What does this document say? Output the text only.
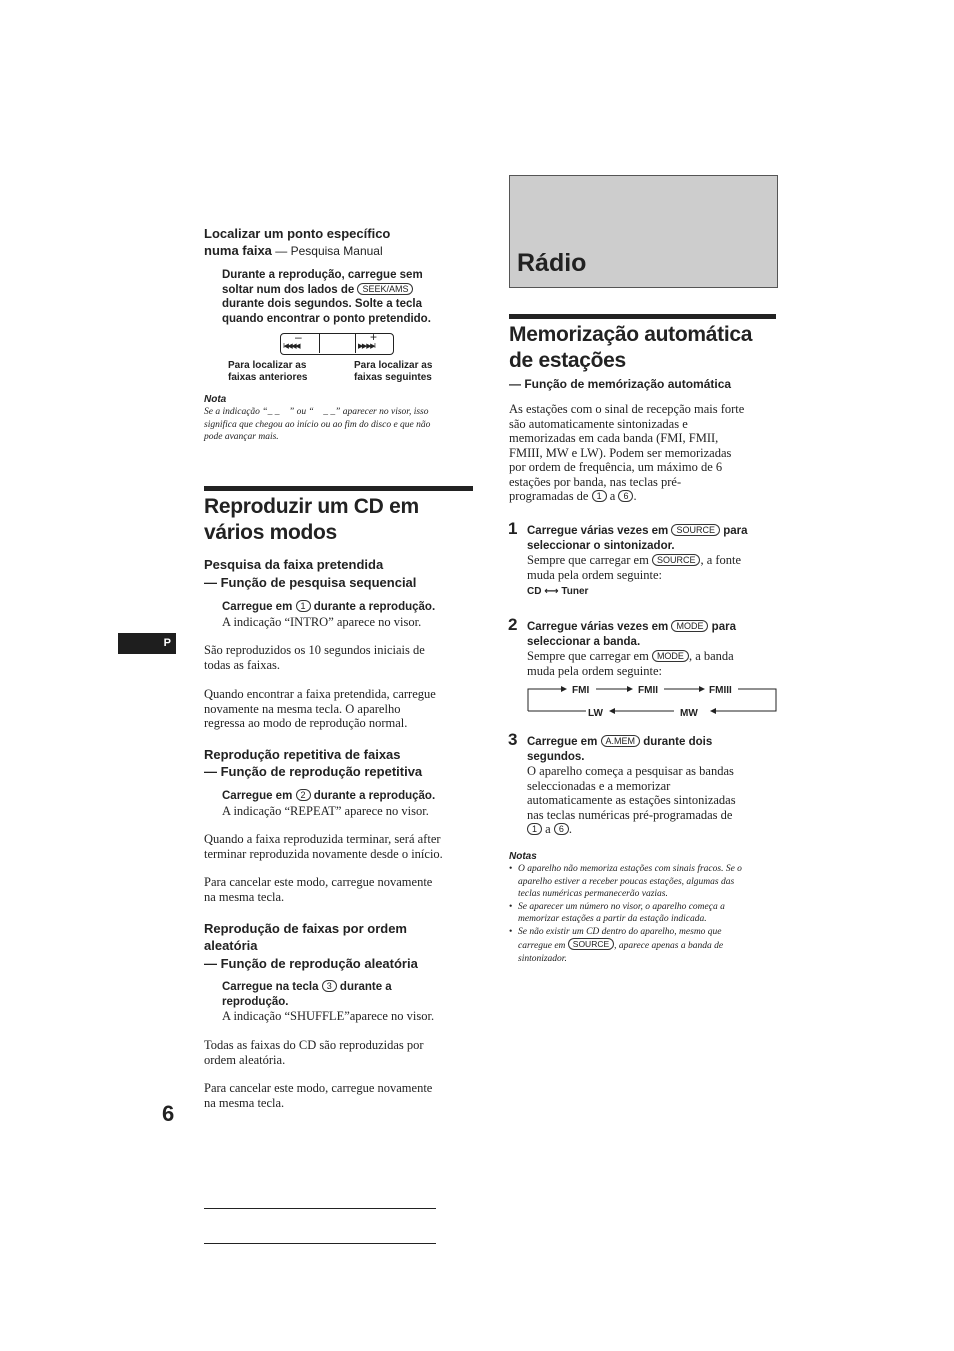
Localizar um ponto específico
numa faixa — Pesquisa Manual
Durante a reprodução, carregue sem
soltar num dos lados de SEEK/AMS
durante dois segundos. Solte a tecla
quando encontrar o ponto pretendido.
–
I◀◀◀◀
+
▶▶ ▶▶I
Para localizar as
faixas anteriores
Para localizar as
faixas seguintes
Nota
Se a indicação “_ _    ” ou “    _ _” aparecer no visor, isso
significa que chegou ao início ou ao fim do disco e que não
pode avançar mais.
Reproduzir um CD em
vários modos
Pesquisa da faixa pretendida
— Função de pesquisa sequencial
Carregue em 1 durante a reprodução.
A indicação “INTRO” aparece no visor.
São reproduzidos os 10 segundos iniciais de
todas as faixas.
Quando encontrar a faixa pretendida, carregue
novamente na mesma tecla. O aparelho
regressa ao modo de reprodução normal.
Reprodução repetitiva de faixas
— Função de reprodução repetitiva
Carregue em 2 durante a reprodução.
A indicação “REPEAT” aparece no visor.
Quando a faixa reproduzida terminar, será after
terminar reproduzida novamente desde o início.
Para cancelar este modo, carregue novamente
na mesma tecla.
Reprodução de faixas por ordem
aleatória
— Função de reprodução aleatória
Carregue na tecla 3 durante a
reprodução.
A indicação “SHUFFLE”aparece no visor.
Todas as faixas do CD são reproduzidas por
ordem aleatória.
Para cancelar este modo, carregue novamente
na mesma tecla.
P
6
Rádio
Memorização automática
de estações
— Função de memórização automática
As estações com o sinal de recepção mais forte
são automaticamente sintonizadas e
memorizadas em cada banda (FMI, FMII,
FMIII, MW e LW). Podem ser memorizadas
por ordem de frequência, um máximo de 6
estações por banda, nas teclas pré-
programadas de 1 a 6 .
1 Carregue várias vezes em SOURCE para
seleccionar o sintonizador.
Sempre que carregar em SOURCE , a fonte
muda pela ordem seguinte:
CD ⟷ Tuner
2 Carregue várias vezes em MODE para
seleccionar a banda.
Sempre que carregar em MODE , a banda
muda pela ordem seguinte:
FMI	FMII	FMIII
LW	MW
3 Carregue em A.MEM durante dois
segundos.
O aparelho começa a pesquisar as bandas
seleccionadas e a memorizar
automaticamente as estações sintonizadas
nas teclas numéricas pré-programadas de
1 a 6 .
Notas
• O aparelho não memoriza estações com sinais fracos. Se o
aparelho estiver a receber poucas estações, algumas das
teclas numéricas permanecerão vazias.
• Se aparecer um número no visor, o aparelho começa a
memorizar estações a partir da estação indicada.
• Se não existir um CD dentro do aparelho, mesmo que
carregue em SOURCE , aparece apenas a banda de
sintonizador.
